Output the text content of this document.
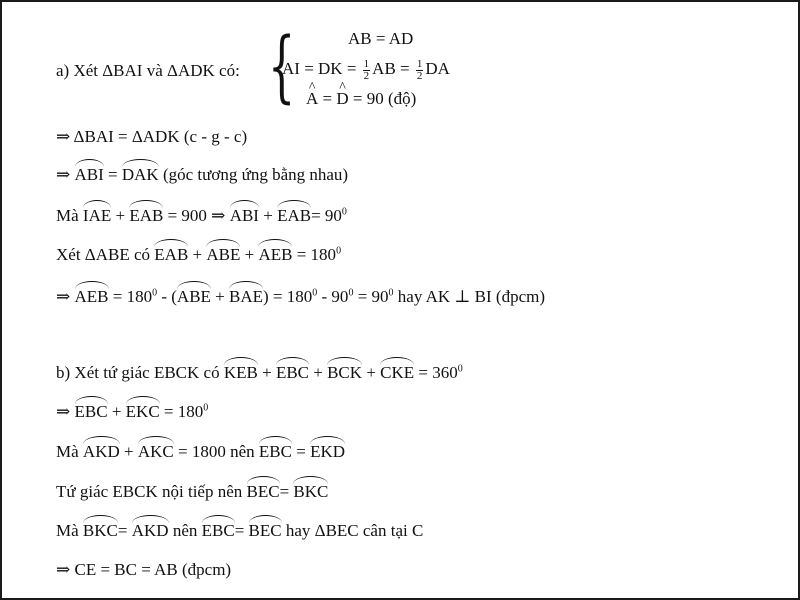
a) Xét ΔBAI và ΔADK có: {	AB = AD
AI = DK = $\frac{1}{2}$ AB = $\frac{1}{2}$ DA
^ A = ^ D = 90 (độ)
⇒ ΔBAI = ΔADK (c - g - c)
⇒ ABI = DAK (góc tương ứng bằng nhau)
Mà IAE + EAB = 900 ⇒ ABI + $EAB= 90^0$
Xét ΔABE có EAB + ABE + AEB = $180^0$
⇒ AEB = $180^0 - (ABE + BAE) = 180^0 - 90^0 = 90^0$ hay AK ⊥ BI (đpcm)
b) Xét tứ giác EBCK có KEB + EBC + BCK + CKE = $360^0$
⇒ EBC + EKC = $180^0$
Mà AKD + AKC = 1800 nên EBC = EKD
Tứ giác EBCK nội tiếp nên BEC= BKC
Mà BKC= AKD nên EBC= BEC hay ΔBEC cân tại C
⇒ CE = BC = AB (đpcm)
